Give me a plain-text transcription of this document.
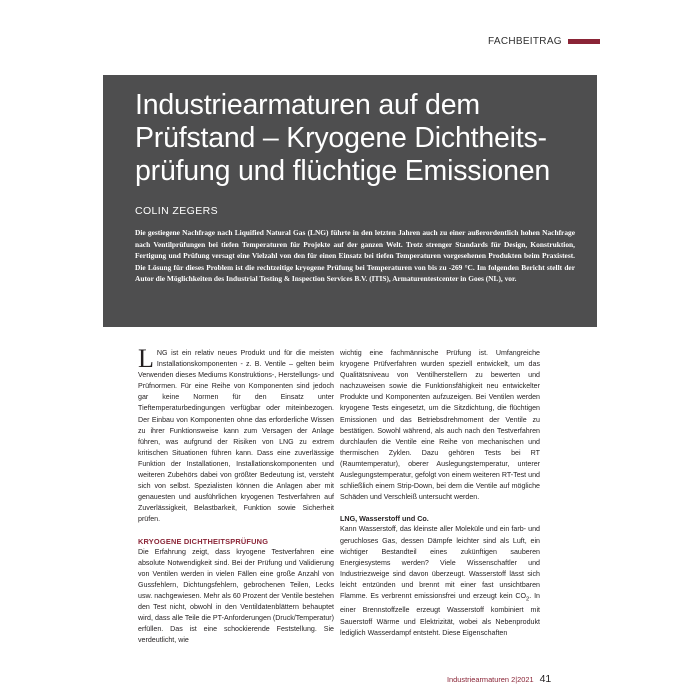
FACHBEITRAG
Industriearmaturen auf dem
Prüfstand – Kryogene Dichtheits-
prüfung und flüchtige Emissionen
COLIN ZEGERS

Die gestiegene Nachfrage nach Liquified Natural Gas (LNG) führte in den letzten Jahren auch zu einer außerordentlich hohen Nachfrage nach Ventilprüfungen bei tiefen Temperaturen für Projekte auf der ganzen Welt. Trotz strenger Standards für Design, Konstruktion, Fertigung und Prüfung versagt eine Vielzahl von den für einen Einsatz bei tiefen Temperaturen vorgesehenen Produkten beim Praxistest. Die Lösung für dieses Problem ist die rechtzeitige kryogene Prüfung bei Temperaturen von bis zu -269 °C. Im folgenden Bericht stellt der Autor die Möglichkeiten des Industrial Testing & Inspection Services B.V. (ITIS), Armaturentestcenter in Goes (NL), vor.

LNG ist ein relativ neues Produkt und für die meisten Installationskomponenten - z. B. Ventile – gelten beim Verwenden dieses Mediums Konstruktions-, Herstellungs- und Prüfnormen. Für eine Reihe von Komponenten sind jedoch gar keine Normen für den Einsatz unter Tieftemperaturbedingungen verfügbar oder miteinbezogen. Der Einbau von Komponenten ohne das erforderliche Wissen zu ihrer Funktionsweise kann zum Versagen der Anlage führen, was aufgrund der Risiken von LNG zu extrem kritischen Situationen führen kann. Dass eine zuverlässige Funktion der Installationen, Installationskomponenten und weiteren Zubehörs dabei von größter Bedeutung ist, versteht sich von selbst. Spezialisten können die Anlagen aber mit genauesten und ausführlichen kryogenen Testverfahren auf Zuverlässigkeit, Belastbarkeit, Funktion sowie Sicherheit prüfen.

KRYOGENE DICHTHEITSPRÜFUNG

Die Erfahrung zeigt, dass kryogene Testverfahren eine absolute Notwendigkeit sind. Bei der Prüfung und Validierung von Ventilen werden in vielen Fällen eine große Anzahl von Gussfehlern, Dichtungsfehlern, gebrochenen Teilen, Lecks usw. nachgewiesen. Mehr als 60 Prozent der Ventile bestehen den Test nicht, obwohl in den Ventildatenblättern behauptet wird, dass alle Teile die PT-Anforderungen (Druck/Temperatur) erfüllen. Das ist eine schockierende Feststellung. Sie verdeutlicht, wie

wichtig eine fachmännische Prüfung ist. Umfangreiche kryogene Prüfverfahren wurden speziell entwickelt, um das Qualitätsniveau von Ventilherstellern zu bewerten und nachzuweisen sowie die Funktionsfähigkeit neu entwickelter Produkte und Komponenten aufzuzeigen. Bei Ventilen werden kryogene Tests eingesetzt, um die Sitzdichtung, die flüchtigen Emissionen und das Betriebsdrehmoment der Ventile zu bestätigen. Sowohl während, als auch nach den Testverfahren durchlaufen die Ventile eine Reihe von mechanischen und thermischen Zyklen. Dazu gehören Tests bei RT (Raumtemperatur), oberer Auslegungstemperatur, unterer Auslegungstemperatur, gefolgt von einem weiteren RT-Test und schließlich einem Strip-Down, bei dem die Ventile auf mögliche Schäden und Verschleiß untersucht werden.

LNG, Wasserstoff und Co.

Kann Wasserstoff, das kleinste aller Moleküle und ein farb- und geruchloses Gas, dessen Dämpfe leichter sind als Luft, ein wichtiger Bestandteil eines zukünftigen sauberen Energiesystems werden? Viele Wissenschaftler und Industriezweige sind davon überzeugt. Wasserstoff lässt sich leicht entzünden und brennt mit einer fast unsichtbaren Flamme. Es verbrennt emissionsfrei und erzeugt kein $CO_2$. In einer Brennstoffzelle erzeugt Wasserstoff kombiniert mit Sauerstoff Wärme und Elektrizität, wobei als Nebenprodukt lediglich Wasserdampf entsteht. Diese Eigenschaften

Industriearmaturen 2|2021 41
